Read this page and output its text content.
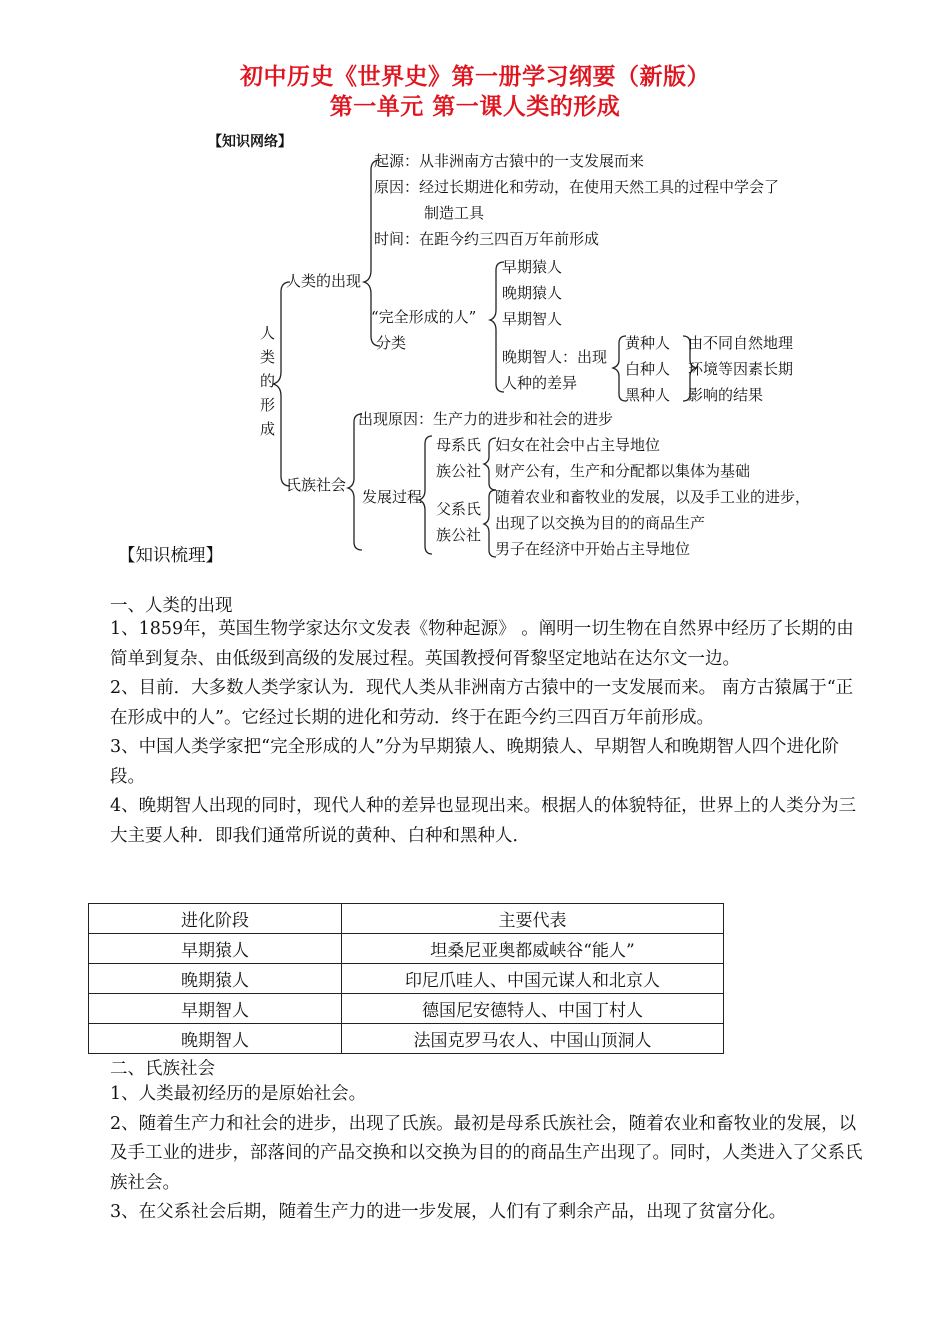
初中历史《世界史》第一册学习纲要（新版）
第一单元 第一课人类的形成
【知识网络】
人
类
的
形
成
人类的出现
起源：从非洲南方古猿中的一支发展而来
原因：经过长期进化和劳动，在使用天然工具的过程中学会了
制造工具
时间：在距今约三四百万年前形成
“完全形成的人”
分类
早期猿人
晚期猿人
早期智人
晚期智人：出现
人种的差异
黄种人
白种人
黑种人
由不同自然地理
环境等因素长期
影响的结果
氏族社会
出现原因：生产力的进步和社会的进步
发展过程
母系氏
族公社
妇女在社会中占主导地位
财产公有，生产和分配都以集体为基础
父系氏
族公社
随着农业和畜牧业的发展，以及手工业的进步，
出现了以交换为目的的商品生产
男子在经济中开始占主导地位
【知识梳理】
一、人类的出现
1、1859年，英国生物学家达尔文发表《物种起源》 。阐明一切生物在自然界中经历了长期的由简单到复杂、由低级到高级的发展过程。英国教授何胥黎坚定地站在达尔文一边。
2、目前．大多数人类学家认为．现代人类从非洲南方古猿中的一支发展而来。 南方古猿属于“正在形成中的人”。它经过长期的进化和劳动．终于在距今约三四百万年前形成。
3、中国人类学家把“完全形成的人”分为早期猿人、晚期猿人、早期智人和晚期智人四个进化阶段。
4、晚期智人出现的同时，现代人种的差异也显现出来。根据人的体貌特征，世界上的人类分为三大主要人种．即我们通常所说的黄种、白种和黑种人．
进化阶段	主要代表
早期猿人	坦桑尼亚奥都威峡谷“能人”
晚期猿人	印尼爪哇人、中国元谋人和北京人
早期智人	德国尼安德特人、中国丁村人
晚期智人	法国克罗马农人、中国山顶洞人
二、氏族社会
1、人类最初经历的是原始社会。
2、随着生产力和社会的进步，出现了氏族。最初是母系氏族社会，随着农业和畜牧业的发展，以及手工业的进步，部落间的产品交换和以交换为目的的商品生产出现了。同时，人类进入了父系氏族社会。
3、在父系社会后期，随着生产力的进一步发展，人们有了剩余产品，出现了贫富分化。
